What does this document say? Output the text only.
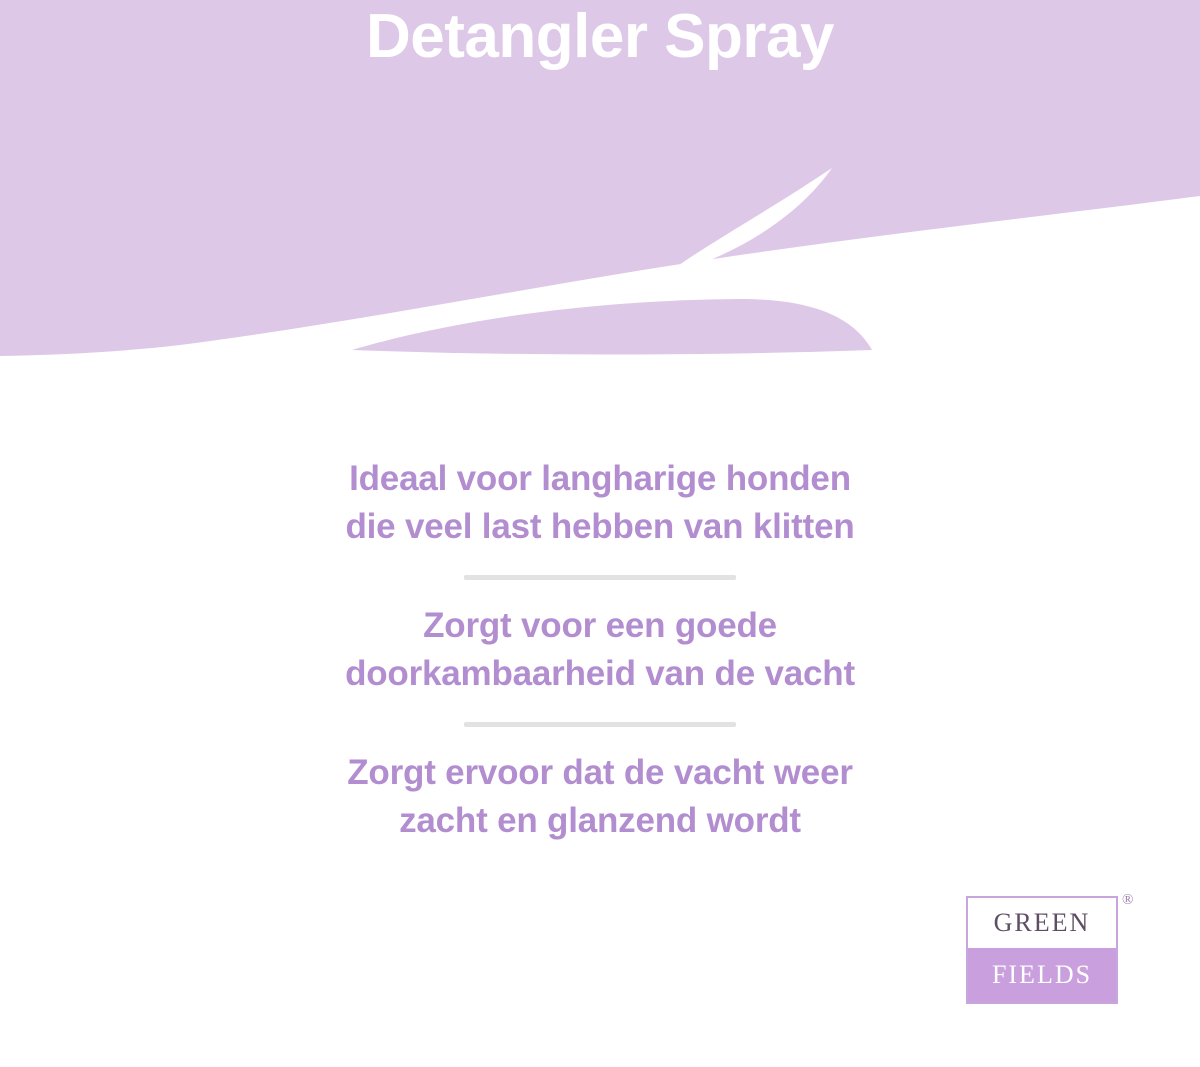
Detangler Spray
Ideaal voor langharige honden
die veel last hebben van klitten
Zorgt voor een goede
doorkambaarheid van de vacht
Zorgt ervoor dat de vacht weer
zacht en glanzend wordt
GREEN
FIELDS
®
